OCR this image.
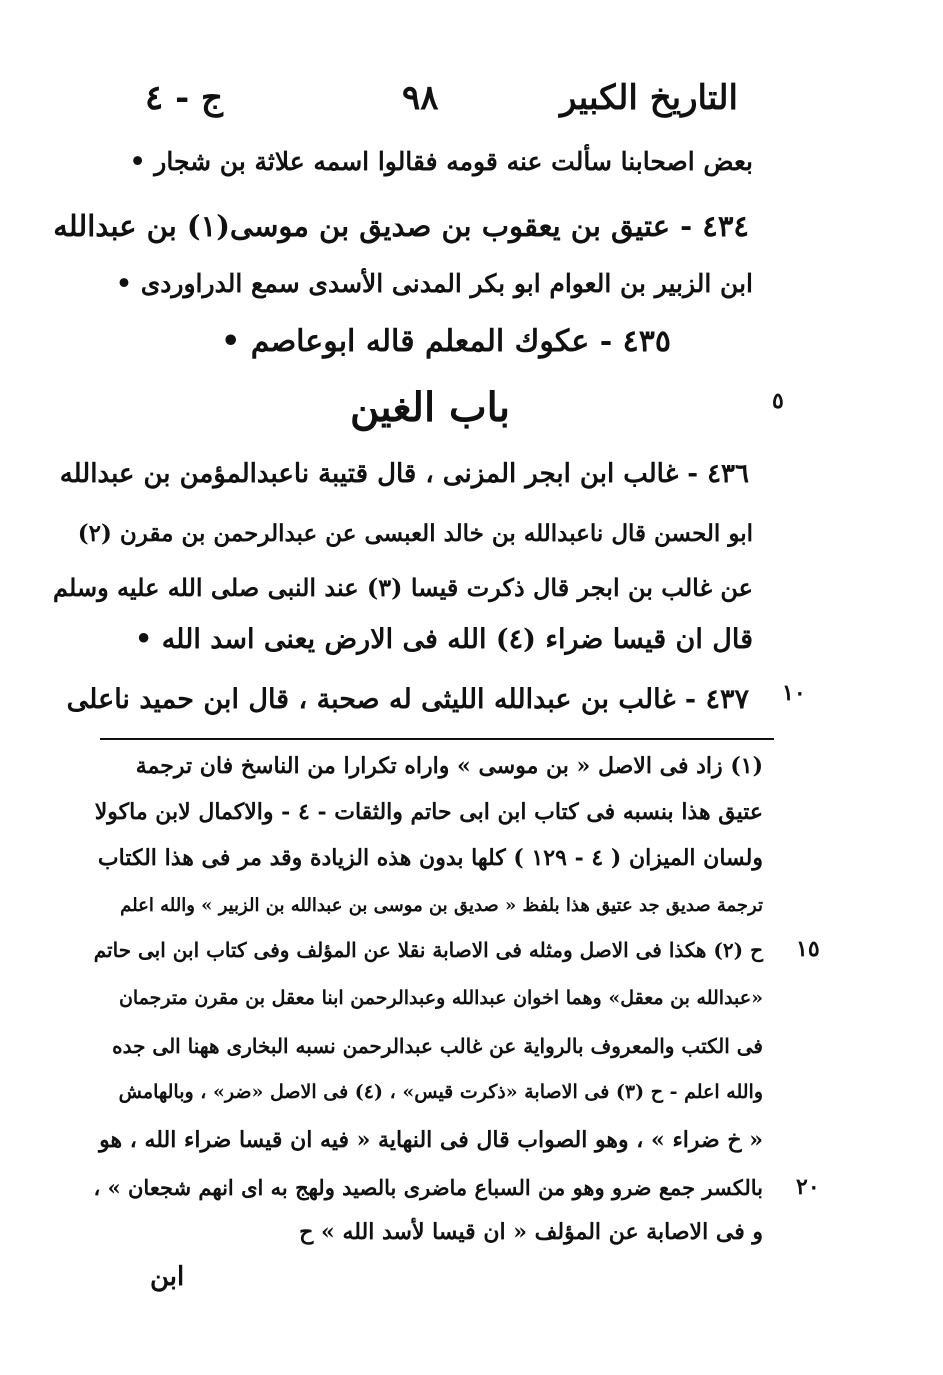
التاريخ الكبير
٩٨
ج - ٤
بعض اصحابنا سألت عنه قومه فقالوا اسمه علاثة بن شجار •
٤٣٤ - عتيق بن يعقوب بن صديق بن موسى(١) بن عبدالله
ابن الزبير بن العوام ابو بكر المدنى الأسدى سمع الدراوردى •
٤٣٥ - عكوك المعلم قاله ابوعاصم •
باب الغين	٥
٤٣٦ - غالب ابن ابجر المزنى ، قال قتيبة ناعبدالمؤمن بن عبدالله
ابو الحسن قال ناعبدالله بن خالد العبسى عن عبدالرحمن بن مقرن (٢)
عن غالب بن ابجر قال ذكرت قيسا (٣) عند النبى صلى الله عليه وسلم
قال ان قيسا ضراء (٤) الله فى الارض يعنى اسد الله •
٤٣٧ - غالب بن عبدالله الليثى له صحبة ، قال ابن حميد ناعلى ١٠
(١) زاد فى الاصل « بن موسى » واراه تكرارا من الناسخ فان ترجمة
عتيق هذا بنسبه فى كتاب ابن ابى حاتم والثقات - ٤ - والاكمال لابن ماكولا
ولسان الميزان ( ٤ - ١٢٩ ) كلها بدون هذه الزيادة وقد مر فى هذا الكتاب
ترجمة صديق جد عتيق هذا بلفظ « صديق بن موسى بن عبدالله بن الزبير » والله اعلم
ح (٢) هكذا فى الاصل ومثله فى الاصابة نقلا عن المؤلف وفى كتاب ابن ابى حاتم ١٥
«عبدالله بن معقل» وهما اخوان عبدالله وعبدالرحمن ابنا معقل بن مقرن مترجمان
فى الكتب والمعروف بالرواية عن غالب عبدالرحمن نسبه البخارى ههنا الى جده
والله اعلم - ح (٣) فى الاصابة «ذكرت قيس» ، (٤) فى الاصل «ضر» ، وبالهامش
« خ ضراء » ، وهو الصواب قال فى النهاية « فيه ان قيسا ضراء الله ، هو
بالكسر جمع ضرو وهو من السباع ماضرى بالصيد ولهج به اى انهم شجعان » ، ٢٠
و فى الاصابة عن المؤلف « ان قيسا لأسد الله » ح
ابن
